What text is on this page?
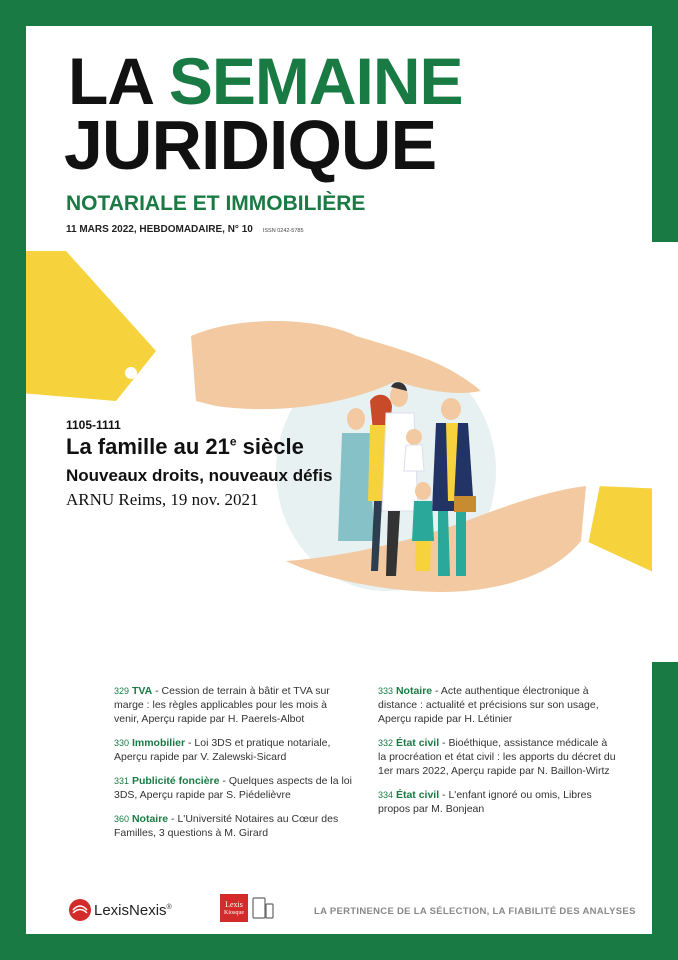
LA SEMAINE
JURIDIQUE
NOTARIALE ET IMMOBILIÈRE
11 MARS 2022, HEBDOMADAIRE, N° 10 ISSN 0242-5785
1105-1111
La famille au 21e siècle
Nouveaux droits, nouveaux défis
ARNU Reims, 19 nov. 2021
329 TVA - Cession de terrain à bâtir et TVA sur marge : les règles applicables pour les mois à venir, Aperçu rapide par H. Paerels-Albot
330 Immobilier - Loi 3DS et pratique notariale, Aperçu rapide par V. Zalewski-Sicard
331 Publicité foncière - Quelques aspects de la loi 3DS, Aperçu rapide par S. Piédelièvre
360 Notaire - L'Université Notaires au Cœur des Familles, 3 questions à M. Girard
333 Notaire - Acte authentique électronique à distance : actualité et précisions sur son usage, Aperçu rapide par H. Létinier
332 État civil - Bioéthique, assistance médicale à la procréation et état civil : les apports du décret du 1er mars 2022, Aperçu rapide par N. Baillon-Wirtz
334 État civil - L'enfant ignoré ou omis, Libres propos par M. Bonjean
LexisNexis®	Lexis
Kiosque	LA PERTINENCE DE LA SÉLECTION, LA FIABILITÉ DES ANALYSES
